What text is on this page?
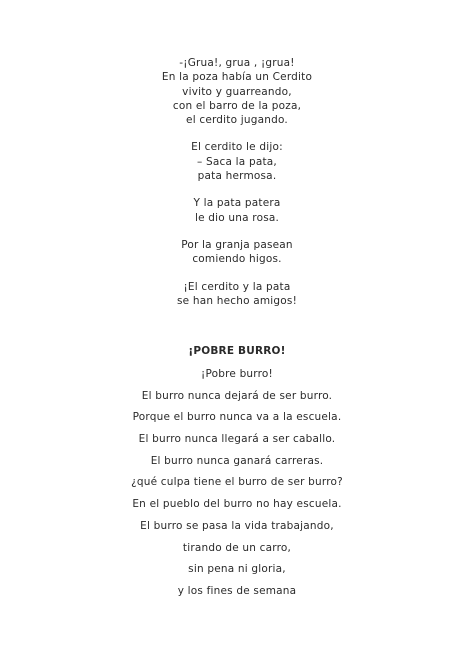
-¡Grua!, grua , ¡grua!
En la poza había un Cerdito
vivito y guarreando,
con el barro de la poza,
el cerdito jugando.
El cerdito le dijo:
– Saca la pata,
pata hermosa.
Y la pata patera
le dio una rosa.
Por la granja pasean
comiendo higos.
¡El cerdito y la pata
se han hecho amigos!
¡POBRE BURRO!
¡Pobre burro!
El burro nunca dejará de ser burro.
Porque el burro nunca va a la escuela.
El burro nunca llegará a ser caballo.
El burro nunca ganará carreras.
¿qué culpa tiene el burro de ser burro?
En el pueblo del burro no hay escuela.
El burro se pasa la vida trabajando,
tirando de un carro,
sin pena ni gloria,
y los fines de semana
